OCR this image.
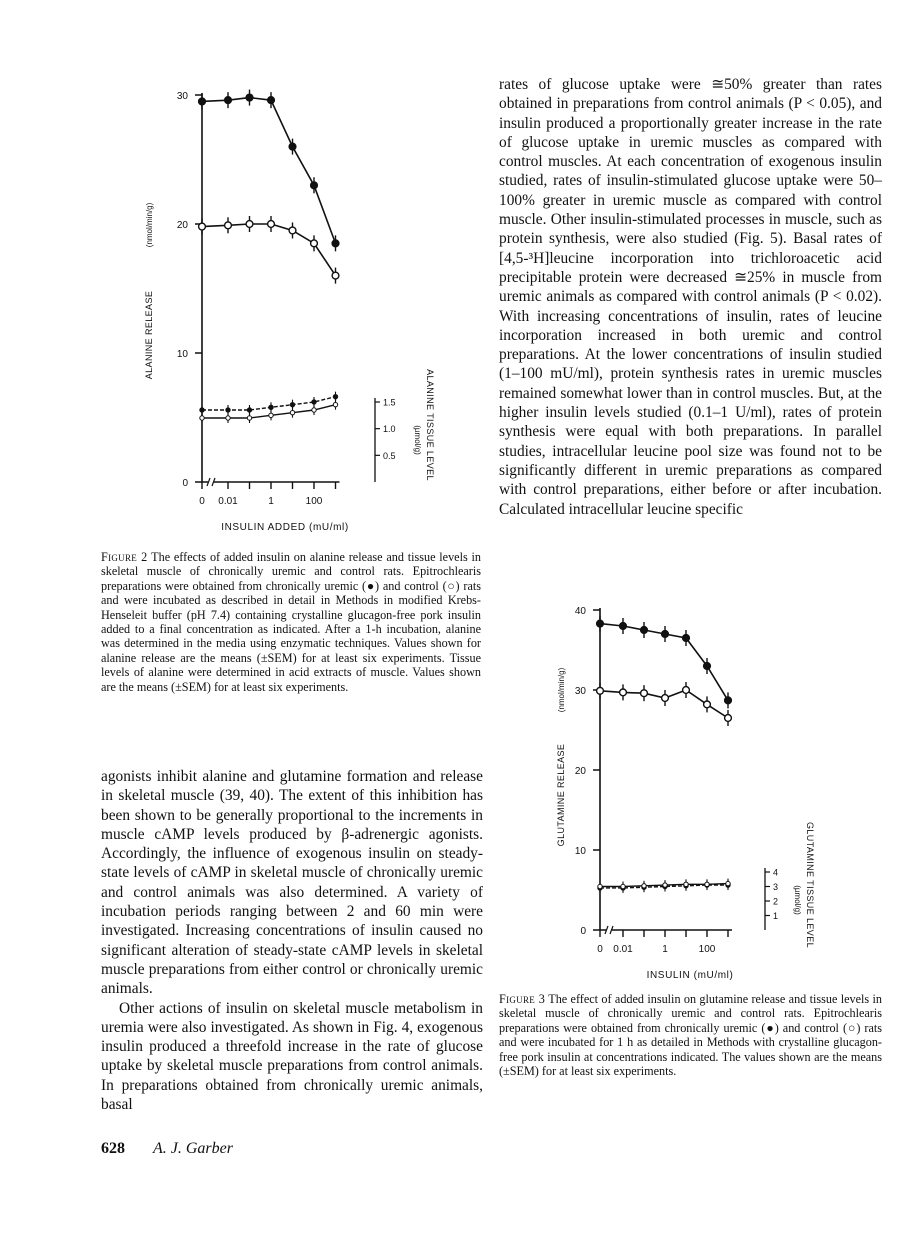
0
10
20
30
0 0.01	1	100
INSULIN ADDED (mU/ml)
ALANINE RELEASE
(nmol/min/g)
0.5
1.0
1.5
(µmol/g) ALANINE TISSUE LEVEL

Figure 2 The effects of added insulin on alanine release and tissue levels in skeletal muscle of chronically uremic and control rats. Epitrochlearis preparations were obtained from chronically uremic (●) and control (○) rats and were incubated as described in detail in Methods in modified Krebs-Henseleit buffer (pH 7.4) containing crystalline glucagon-free pork insulin added to a final concentration as indicated. After a 1-h incubation, alanine was determined in the media using enzymatic techniques. Values shown for alanine release are the means (±SEM) for at least six experiments. Tissue levels of alanine were determined in acid extracts of muscle. Values shown are the means (±SEM) for at least six experiments.

agonists inhibit alanine and glutamine formation and release in skeletal muscle (39, 40). The extent of this inhibition has been shown to be generally proportional to the increments in muscle cAMP levels produced by β-adrenergic agonists. Accordingly, the influence of exogenous insulin on steady-state levels of cAMP in skeletal muscle of chronically uremic and control animals was also determined. A variety of incubation periods ranging between 2 and 60 min were investigated. Increasing concentrations of insulin caused no significant alteration of steady-state cAMP levels in skeletal muscle preparations from either control or chronically uremic animals.

Other actions of insulin on skeletal muscle metabolism in uremia were also investigated. As shown in Fig. 4, exogenous insulin produced a threefold increase in the rate of glucose uptake by skeletal muscle preparations from control animals. In preparations obtained from chronically uremic animals, basal

rates of glucose uptake were ≅50% greater than rates obtained in preparations from control animals (P < 0.05), and insulin produced a proportionally greater increase in the rate of glucose uptake in uremic muscles as compared with control muscles. At each concentration of exogenous insulin studied, rates of insulin-stimulated glucose uptake were 50–100% greater in uremic muscle as compared with control muscle. Other insulin-stimulated processes in muscle, such as protein synthesis, were also studied (Fig. 5). Basal rates of [4,5-³H]leucine incorporation into trichloroacetic acid precipitable protein were decreased ≅25% in muscle from uremic animals as compared with control animals (P < 0.02). With increasing concentrations of insulin, rates of leucine incorporation increased in both uremic and control preparations. At the lower concentrations of insulin studied (1–100 mU/ml), protein synthesis rates in uremic muscles remained somewhat lower than in control muscles. But, at the higher insulin levels studied (0.1–1 U/ml), rates of protein synthesis were equal with both preparations. In parallel studies, intracellular leucine pool size was found not to be significantly different in uremic preparations as compared with control preparations, either before or after incubation. Calculated intracellular leucine specific

0
10
20
30
40
0 0.01	1	100
INSULIN (mU/ml)
GLUTAMINE RELEASE
(nmol/min/g)
1
2
3
4
(µmol/g) GLUTAMINE TISSUE LEVEL

Figure 3 The effect of added insulin on glutamine release and tissue levels in skeletal muscle of chronically uremic and control rats. Epitrochlearis preparations were obtained from chronically uremic (●) and control (○) rats and were incubated for 1 h as detailed in Methods with crystalline glucagon-free pork insulin at concentrations indicated. The values shown are the means (±SEM) for at least six experiments.

628 A. J. Garber
